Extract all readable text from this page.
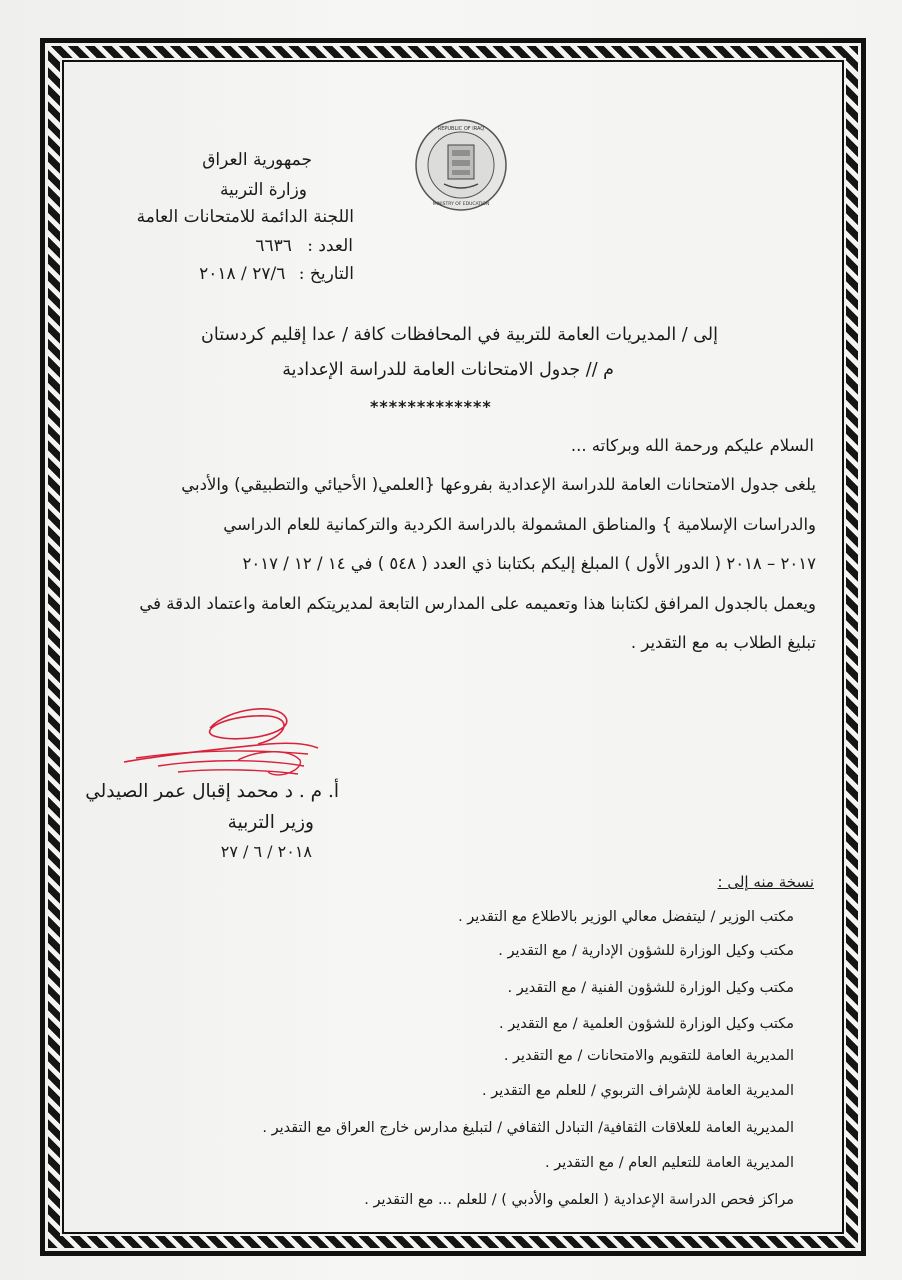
جمهورية العراق
وزارة التربية
اللجنة الدائمة للامتحانات العامة
العدد : ٦٦٣٦
التاريخ : ٢٧/٦ / ٢٠١٨
REPUBLIC OF IRAQ
MINISTRY OF EDUCATION
إلى / المديريات العامة للتربية في المحافظات كافة / عدا إقليم كردستان
م // جدول الامتحانات العامة للدراسة الإعدادية
*************
السلام عليكم ورحمة الله وبركاته ...
يلغى جدول الامتحانات العامة للدراسة الإعدادية بفروعها {العلمي( الأحيائي والتطبيقي) والأدبي
والدراسات الإسلامية } والمناطق المشمولة بالدراسة الكردية والتركمانية للعام الدراسي
٢٠١٧ – ٢٠١٨ ( الدور الأول ) المبلغ إليكم بكتابنا ذي العدد ( ٥٤٨ ) في ١٤ / ١٢ / ٢٠١٧
ويعمل بالجدول المرافق لكتابنا هذا وتعميمه على المدارس التابعة لمديريتكم العامة واعتماد الدقة في
تبليغ الطلاب به مع التقدير .
أ. م . د محمد إقبال عمر الصيدلي
وزير التربية
٢٠١٨ / ٦ / ٢٧
نسخة منه إلى :
مكتب الوزير / ليتفضل معالي الوزير بالاطلاع مع التقدير .
مكتب وكيل الوزارة للشؤون الإدارية / مع التقدير .
مكتب وكيل الوزارة للشؤون الفنية / مع التقدير .
مكتب وكيل الوزارة للشؤون العلمية / مع التقدير .
المديرية العامة للتقويم والامتحانات / مع التقدير .
المديرية العامة للإشراف التربوي / للعلم مع التقدير .
المديرية العامة للعلاقات الثقافية/ التبادل الثقافي / لتبليغ مدارس خارج العراق مع التقدير .
المديرية العامة للتعليم العام / مع التقدير .
مراكز فحص الدراسة الإعدادية ( العلمي والأدبي ) / للعلم ... مع التقدير .
